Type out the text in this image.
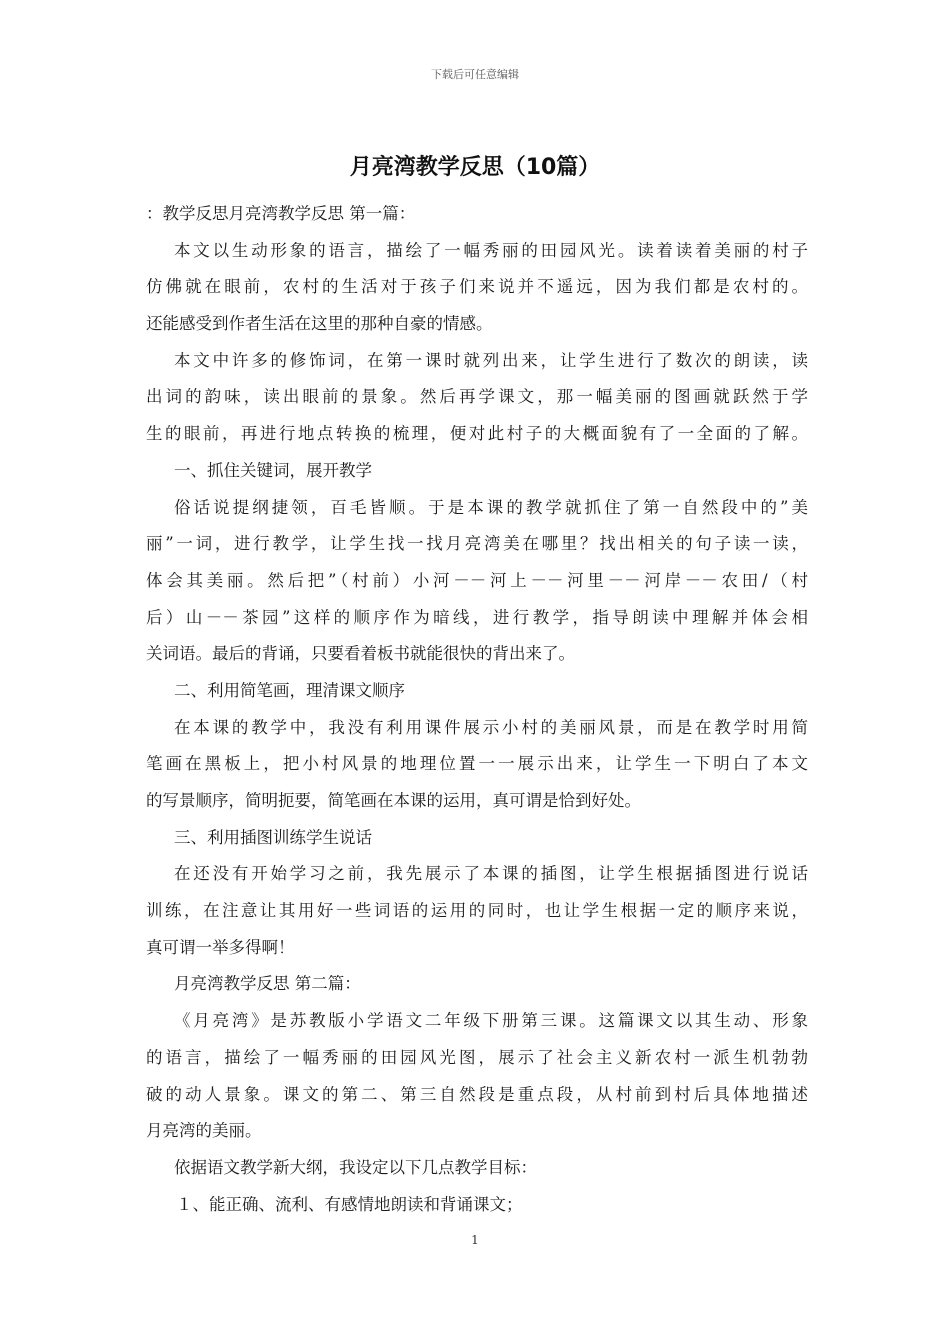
下载后可任意编辑
月亮湾教学反思（10篇）
：教学反思月亮湾教学反思 第一篇：
本文以生动形象的语言，描绘了一幅秀丽的田园风光。读着读着美丽的村子
仿佛就在眼前，农村的生活对于孩子们来说并不遥远，因为我们都是农村的。
还能感受到作者生活在这里的那种自豪的情感。
本文中许多的修饰词，在第一课时就列出来，让学生进行了数次的朗读，读
出词的韵味，读出眼前的景象。然后再学课文，那一幅美丽的图画就跃然于学
生的眼前，再进行地点转换的梳理，便对此村子的大概面貌有了一全面的了解。
一、抓住关键词，展开教学
俗话说提纲捷领，百毛皆顺。于是本课的教学就抓住了第一自然段中的”美
丽”一词，进行教学，让学生找一找月亮湾美在哪里？找出相关的句子读一读，
体会其美丽。然后把”（村前）小河－－河上－－河里－－河岸－－农田/（村
后）山－－茶园”这样的顺序作为暗线，进行教学，指导朗读中理解并体会相
关词语。最后的背诵，只要看着板书就能很快的背出来了。
二、利用简笔画，理清课文顺序
在本课的教学中，我没有利用课件展示小村的美丽风景，而是在教学时用简
笔画在黑板上，把小村风景的地理位置一一展示出来，让学生一下明白了本文
的写景顺序，简明扼要，简笔画在本课的运用，真可谓是恰到好处。
三、利用插图训练学生说话
在还没有开始学习之前，我先展示了本课的插图，让学生根据插图进行说话
训练，在注意让其用好一些词语的运用的同时，也让学生根据一定的顺序来说，
真可谓一举多得啊！
月亮湾教学反思 第二篇：
《月亮湾》是苏教版小学语文二年级下册第三课。这篇课文以其生动、形象
的语言，描绘了一幅秀丽的田园风光图，展示了社会主义新农村一派生机勃勃
破的动人景象。课文的第二、第三自然段是重点段，从村前到村后具体地描述
月亮湾的美丽。
依据语文教学新大纲，我设定以下几点教学目标：
１、能正确、流利、有感情地朗读和背诵课文；
1
